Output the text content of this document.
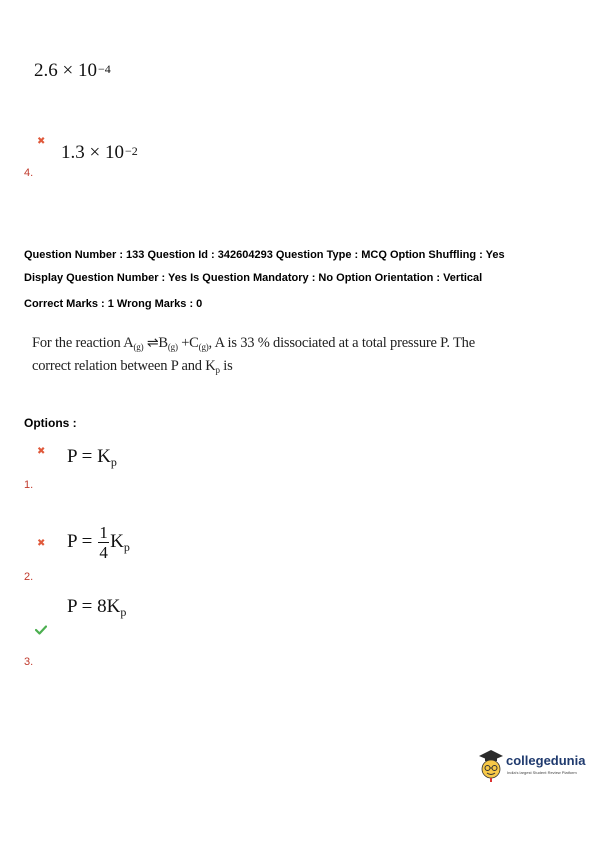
$2.6 \times 10^{-4}$
✖
$1.3 \times 10^{-2}$
4.
Question Number : 133 Question Id : 342604293 Question Type : MCQ Option Shuffling : Yes
Display Question Number : Yes Is Question Mandatory : No Option Orientation : Vertical
Correct Marks : 1 Wrong Marks : 0
For the reaction $A_{(g)}$ $\rightleftharpoons B_{(g)} +C_{(g)}$, A is 33 % dissociated at a total pressure P. The
correct relation between P and $K_p$ is
Options :
✖ $P = K_p$
1.
✖ $P = \frac{1}{4} K_p$
2.
$P = 8K_p$
3.
collegedunia
India's largest Student Review Platform
